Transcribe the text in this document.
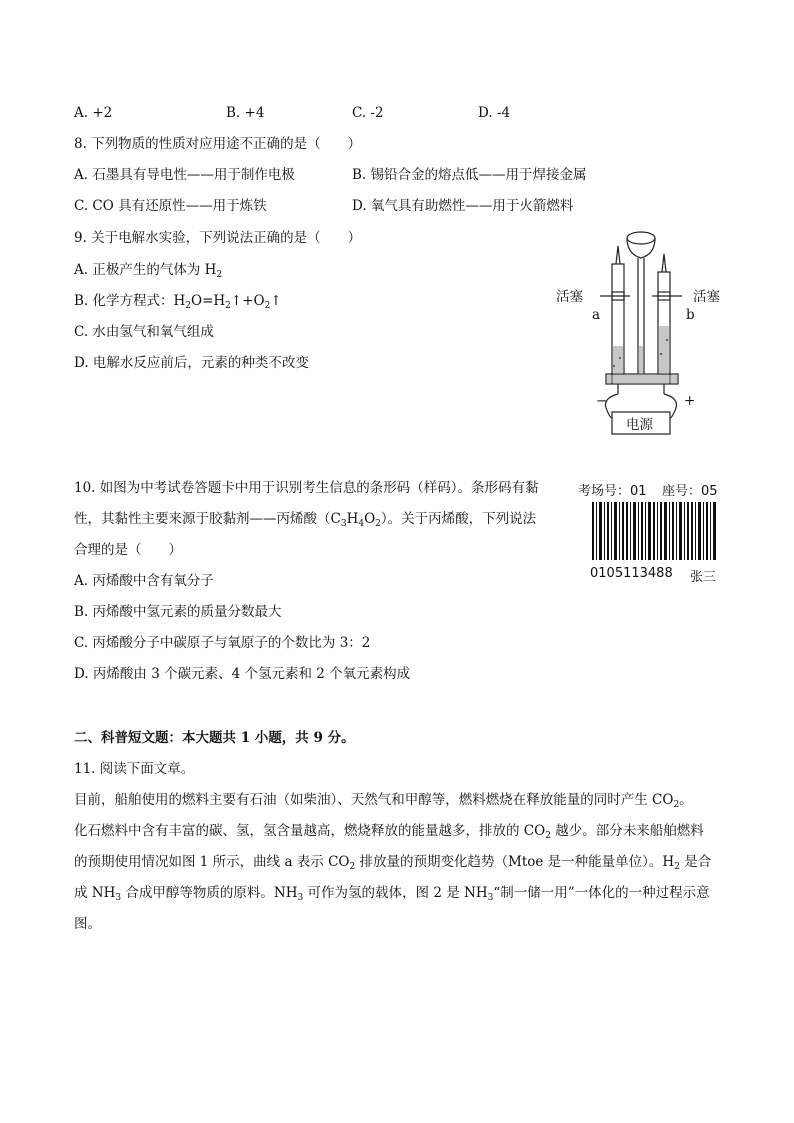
A. +2	B. +4	C. -2	D. -4
8. 下列物质的性质对应用途不正确的是（　　）
A. 石墨具有导电性——用于制作电极	B. 锡铅合金的熔点低——用于焊接金属
C. CO 具有还原性——用于炼铁	D. 氧气具有助燃性——用于火箭燃料
9. 关于电解水实验，下列说法正确的是（　　）
A. 正极产生的气体为 $H_2$
B. 化学方程式：$H_2O=H_2↑+O_2↑$
C. 水由氢气和氧气组成
D. 电解水反应前后，元素的种类不改变
活塞	活塞
a	b
−	+
电源
10. 如图为中考试卷答题卡中用于识别考生信息的条形码（样码）。条形码有黏
性，其黏性主要来源于胶黏剂——丙烯酸$(C_3H_4O_2)$。关于丙烯酸，下列说法
合理的是（　　）
A. 丙烯酸中含有氧分子
B. 丙烯酸中氢元素的质量分数最大
C. 丙烯酸分子中碳原子与氧原子的个数比为 3：2
D. 丙烯酸由 3 个碳元素、4 个氢元素和 2 个氧元素构成
考场号：01 座号：05
0105113488 张三
二、科普短文题：本大题共 1 小题，共 9 分。
11. 阅读下面文章。
目前，船舶使用的燃料主要有石油（如柴油）、天然气和甲醇等，燃料燃烧在释放能量的同时产生 $CO_2$。
化石燃料中含有丰富的碳、氢，氢含量越高，燃烧释放的能量越多，排放的 $CO_2$ 越少。部分未来船舶燃料
的预期使用情况如图 1 所示，曲线 a 表示 $CO_2$ 排放量的预期变化趋势（Mtoe 是一种能量单位）。$H_2$ 是合
成 $NH_3$ 合成甲醇等物质的原料。$NH_3$ 可作为氢的载体，图 2 是 $NH_3“$制一储一用”一体化的一种过程示意
图。
